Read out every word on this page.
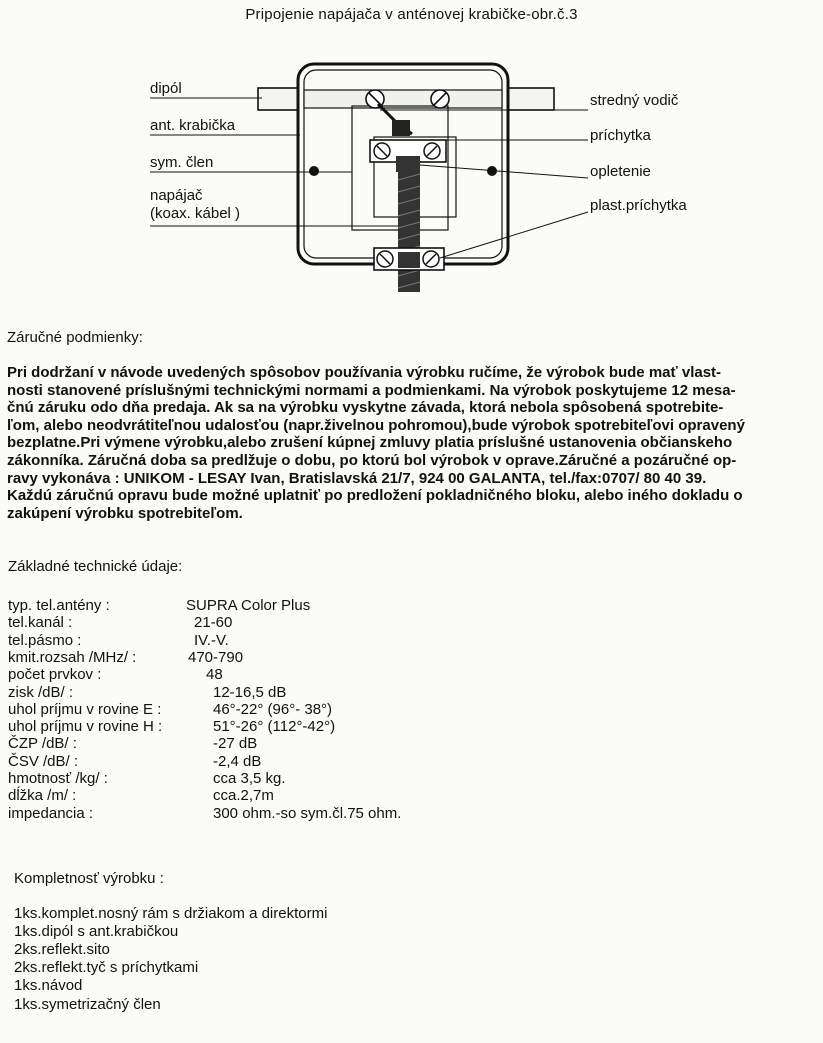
Pripojenie napájača v anténovej krabičke-obr.č.3
dipól
ant. krabička
sym. člen
napájač
(koax. kábel )
stredný vodič
príchytka
opletenie
plast.príchytka
Záručné podmienky:
Pri dodržaní v návode uvedených spôsobov používania výrobku ručíme, že výrobok bude mať vlast-
nosti stanovené príslušnými technickými normami a podmienkami. Na výrobok poskytujeme 12 mesa-
čnú záruku odo dňa predaja. Ak sa na výrobku vyskytne závada, ktorá nebola spôsobená spotrebite-
ľom, alebo neodvrátiteľnou udalosťou (napr.živelnou pohromou),bude výrobok spotrebiteľovi opravený
bezplatne.Pri výmene výrobku,alebo zrušení kúpnej zmluvy platia príslušné ustanovenia občianskeho
zákonníka. Záručná doba sa predlžuje o dobu, po ktorú bol výrobok v oprave.Záručné a pozáručné op-
ravy vykonáva : UNIKOM - LESAY Ivan, Bratislavská 21/7, 924 00 GALANTA, tel./fax:0707/ 80 40 39.
Každú záručnú opravu bude možné uplatniť po predložení pokladničného bloku, alebo iného dokladu o
zakúpení výrobku spotrebiteľom.
Základné technické údaje:
typ. tel.antény :	SUPRA Color Plus
tel.kanál :	21-60
tel.pásmo :	IV.-V.
kmit.rozsah /MHz/ :	470-790
počet prvkov :	48
zisk /dB/ :	12-16,5 dB
uhol príjmu v rovine E :	46°-22° (96°- 38°)
uhol príjmu v rovine H :	51°-26° (112°-42°)
ČZP /dB/ :	-27 dB
ČSV /dB/ :	-2,4 dB
hmotnosť /kg/ :	cca 3,5 kg.
dĺžka /m/ :	cca.2,7m
impedancia :	300 ohm.-so sym.čl.75 ohm.
Kompletnosť výrobku :
1ks.komplet.nosný rám s držiakom a direktormi
1ks.dipól s ant.krabičkou
2ks.reflekt.sito
2ks.reflekt.tyč s príchytkami
1ks.návod
1ks.symetrizačný člen
